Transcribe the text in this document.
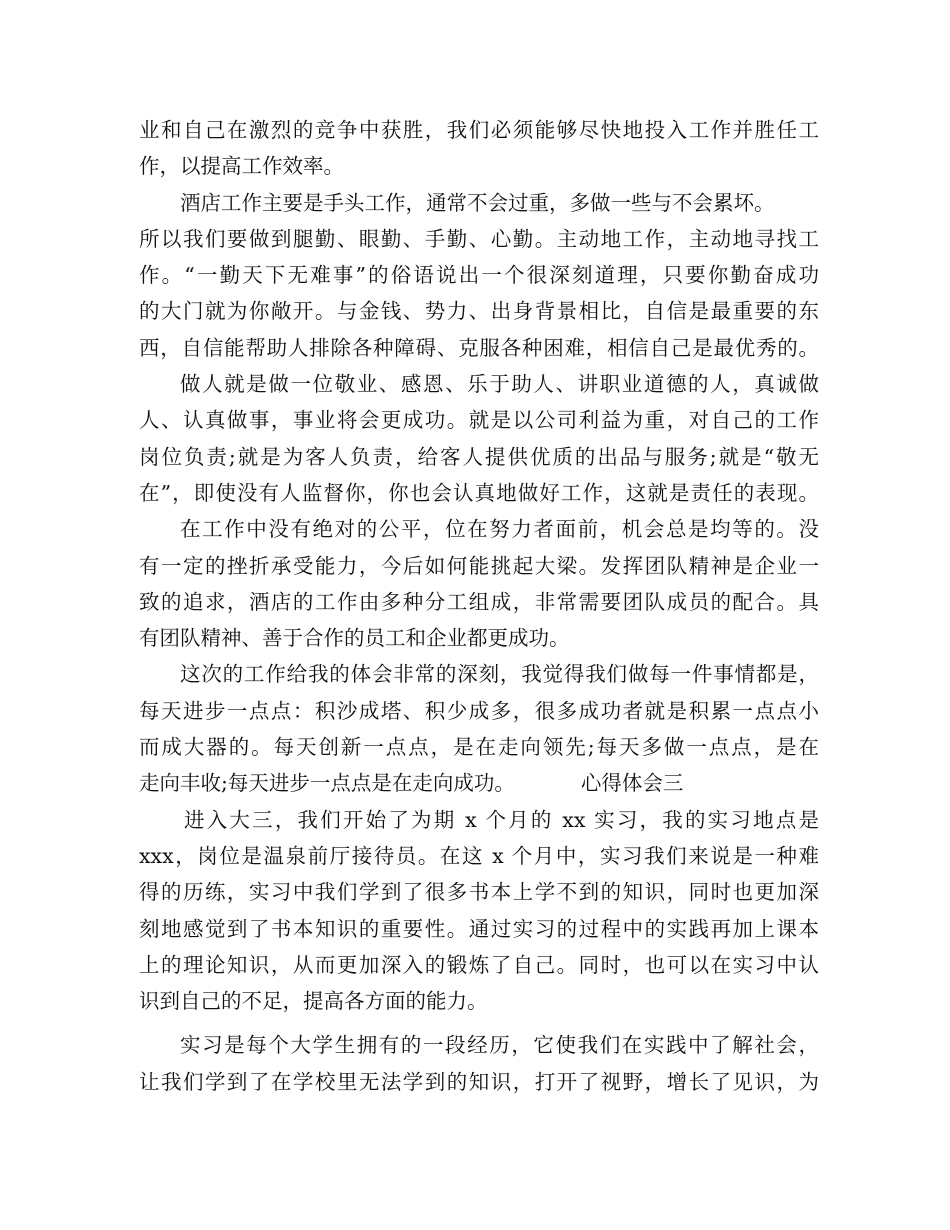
业和自己在激烈的竞争中获胜，我们必须能够尽快地投入工作并胜任工
作，以提高工作效率。
酒店工作主要是手头工作，通常不会过重，多做一些与不会累坏。
所以我们要做到腿勤、眼勤、手勤、心勤。主动地工作，主动地寻找工
作。“一勤天下无难事”的俗语说出一个很深刻道理，只要你勤奋成功
的大门就为你敞开。与金钱、势力、出身背景相比，自信是最重要的东
西，自信能帮助人排除各种障碍、克服各种困难，相信自己是最优秀的。
做人就是做一位敬业、感恩、乐于助人、讲职业道德的人，真诚做
人、认真做事，事业将会更成功。就是以公司利益为重，对自己的工作
岗位负责;就是为客人负责，给客人提供优质的出品与服务;就是“敬无
在”，即使没有人监督你，你也会认真地做好工作，这就是责任的表现。
在工作中没有绝对的公平，位在努力者面前，机会总是均等的。没
有一定的挫折承受能力，今后如何能挑起大梁。发挥团队精神是企业一
致的追求，酒店的工作由多种分工组成，非常需要团队成员的配合。具
有团队精神、善于合作的员工和企业都更成功。
这次的工作给我的体会非常的深刻，我觉得我们做每一件事情都是，
每天进步一点点：积沙成塔、积少成多，很多成功者就是积累一点点小
而成大器的。每天创新一点点，是在走向领先;每天多做一点点，是在
走向丰收;每天进步一点点是在走向成功。	心得体会三
进入大三，我们开始了为期 x 个月的 xx 实习，我的实习地点是
xxx，岗位是温泉前厅接待员。在这 x 个月中，实习我们来说是一种难
得的历练，实习中我们学到了很多书本上学不到的知识，同时也更加深
刻地感觉到了书本知识的重要性。通过实习的过程中的实践再加上课本
上的理论知识，从而更加深入的锻炼了自己。同时，也可以在实习中认
识到自己的不足，提高各方面的能力。
实习是每个大学生拥有的一段经历，它使我们在实践中了解社会，
让我们学到了在学校里无法学到的知识，打开了视野，增长了见识，为
